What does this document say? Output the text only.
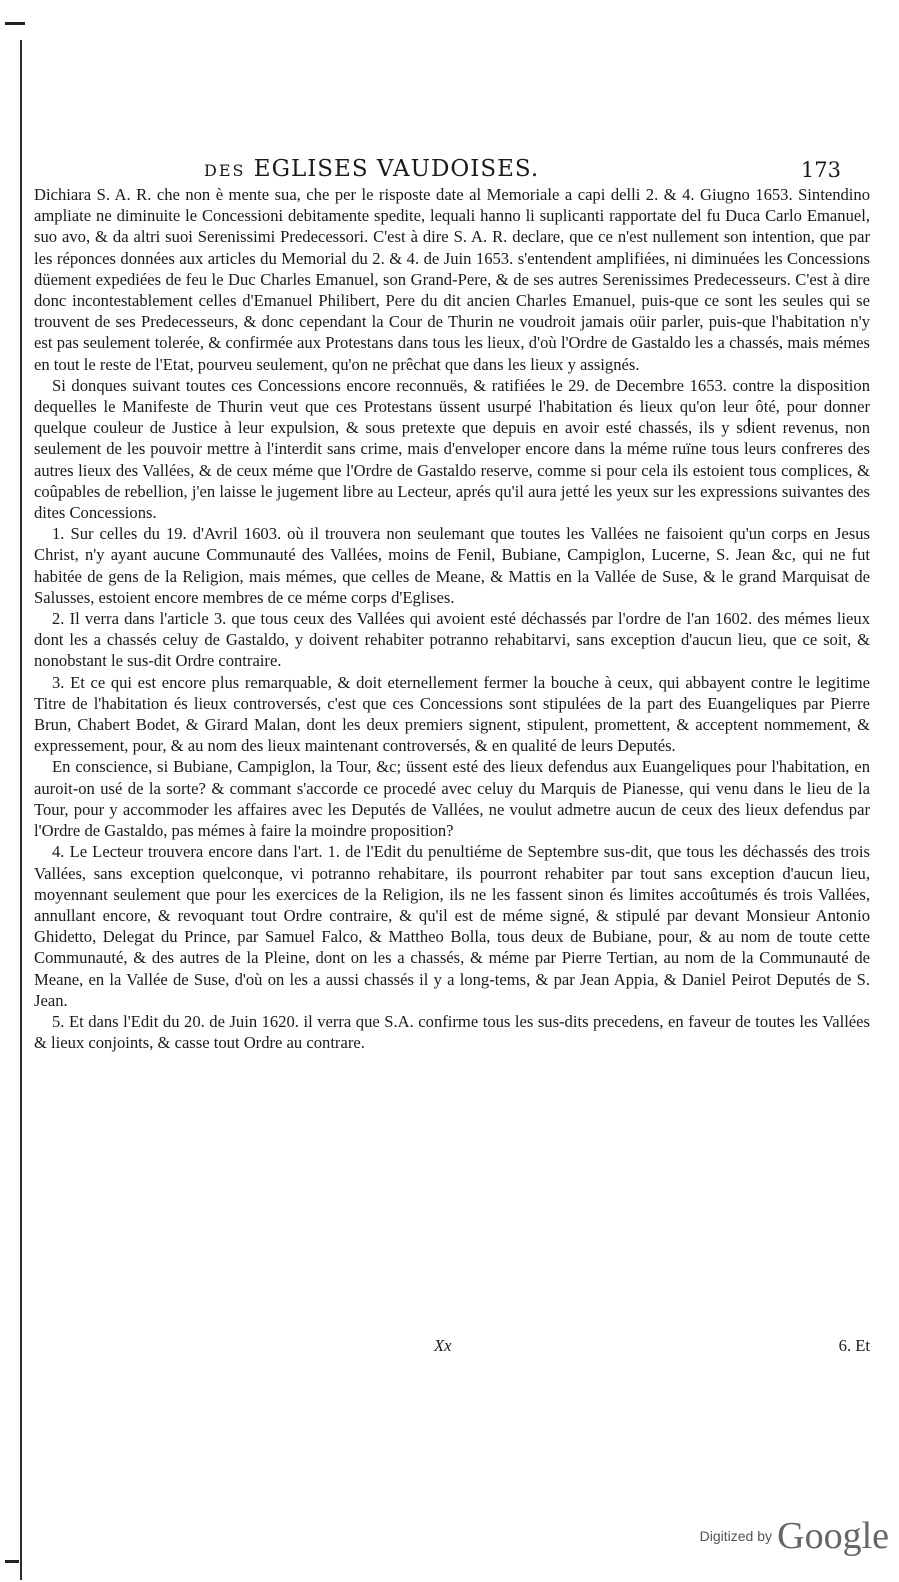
DES EGLISES VAUDOISES.	173

Dichiara S. A. R. che non è mente sua, che per le risposte date al Memoriale a capi delli 2. & 4. Giugno 1653. Sintendino ampliate ne diminuite le Concessioni debitamente spedite, lequali hanno li suplicanti rapportate del fu Duca Carlo Emanuel, suo avo, & da altri suoi Serenissimi Predecessori. C'est à dire S. A. R. declare, que ce n'est nullement son intention, que par les réponces données aux articles du Memorial du 2. & 4. de Juin 1653. s'entendent amplifiées, ni diminuées les Concessions düement expediées de feu le Duc Charles Emanuel, son Grand-Pere, & de ses autres Serenissimes Predecesseurs. C'est à dire donc incontestablement celles d'Emanuel Philibert, Pere du dit ancien Charles Emanuel, puis-que ce sont les seules qui se trouvent de ses Predecesseurs, & donc cependant la Cour de Thurin ne voudroit jamais oüir parler, puis-que l'habitation n'y est pas seulement tolerée, & confirmée aux Protestans dans tous les lieux, d'où l'Ordre de Gastaldo les a chassés, mais mémes en tout le reste de l'Etat, pourveu seulement, qu'on ne prêchat que dans les lieux y assignés.

Si donques suivant toutes ces Concessions encore reconnuës, & ratifiées le 29. de Decembre 1653. contre la disposition dequelles le Manifeste de Thurin veut que ces Protestans üssent usurpé l'habitation és lieux qu'on leur ôté, pour donner quelque couleur de Justice à leur expulsion, & sous pretexte que depuis en avoir esté chassés, ils y soient revenus, non seulement de les pouvoir mettre à l'interdit sans crime, mais d'enveloper encore dans la méme ruïne tous leurs confreres des autres lieux des Vallées, & de ceux méme que l'Ordre de Gastaldo reserve, comme si pour cela ils estoient tous complices, & coûpables de rebellion, j'en laisse le jugement libre au Lecteur, aprés qu'il aura jetté les yeux sur les expressions suivantes des dites Concessions.

1. Sur celles du 19. d'Avril 1603. où il trouvera non seulemant que toutes les Vallées ne faisoient qu'un corps en Jesus Christ, n'y ayant aucune Communauté des Vallées, moins de Fenil, Bubiane, Campiglon, Lucerne, S. Jean &c, qui ne fut habitée de gens de la Religion, mais mémes, que celles de Meane, & Mattis en la Vallée de Suse, & le grand Marquisat de Salusses, estoient encore membres de ce méme corps d'Eglises.

2. Il verra dans l'article 3. que tous ceux des Vallées qui avoient esté déchassés par l'ordre de l'an 1602. des mémes lieux dont les a chassés celuy de Gastaldo, y doivent rehabiter potranno rehabitarvi, sans exception d'aucun lieu, que ce soit, & nonobstant le sus-dit Ordre contraire.

3. Et ce qui est encore plus remarquable, & doit eternellement fermer la bouche à ceux, qui abbayent contre le legitime Titre de l'habitation és lieux controversés, c'est que ces Concessions sont stipulées de la part des Euangeliques par Pierre Brun, Chabert Bodet, & Girard Malan, dont les deux premiers signent, stipulent, promettent, & acceptent nommement, & expressement, pour, & au nom des lieux maintenant controversés, & en qualité de leurs Deputés.

En conscience, si Bubiane, Campiglon, la Tour, &c; üssent esté des lieux defendus aux Euangeliques pour l'habitation, en auroit-on usé de la sorte? & commant s'accorde ce procedé avec celuy du Marquis de Pianesse, qui venu dans le lieu de la Tour, pour y accommoder les affaires avec les Deputés de Vallées, ne voulut admetre aucun de ceux des lieux defendus par l'Ordre de Gastaldo, pas mémes à faire la moindre proposition?

4. Le Lecteur trouvera encore dans l'art. 1. de l'Edit du penultiéme de Septembre sus-dit, que tous les déchassés des trois Vallées, sans exception quelconque, vi potranno rehabitare, ils pourront rehabiter par tout sans exception d'aucun lieu, moyennant seulement que pour les exercices de la Religion, ils ne les fassent sinon és limites accoûtumés és trois Vallées, annullant encore, & revoquant tout Ordre contraire, & qu'il est de méme signé, & stipulé par devant Monsieur Antonio Ghidetto, Delegat du Prince, par Samuel Falco, & Mattheo Bolla, tous deux de Bubiane, pour, & au nom de toute cette Communauté, & des autres de la Pleine, dont on les a chassés, & méme par Pierre Tertian, au nom de la Communauté de Meane, en la Vallée de Suse, d'où on les a aussi chassés il y a long-tems, & par Jean Appia, & Daniel Peirot Deputés de S. Jean.

5. Et dans l'Edit du 20. de Juin 1620. il verra que S.A. confirme tous les sus-dits precedens, en faveur de toutes les Vallées & lieux conjoints, & casse tout Ordre au contrare.

Xx	6. Et
Digitized by Google
